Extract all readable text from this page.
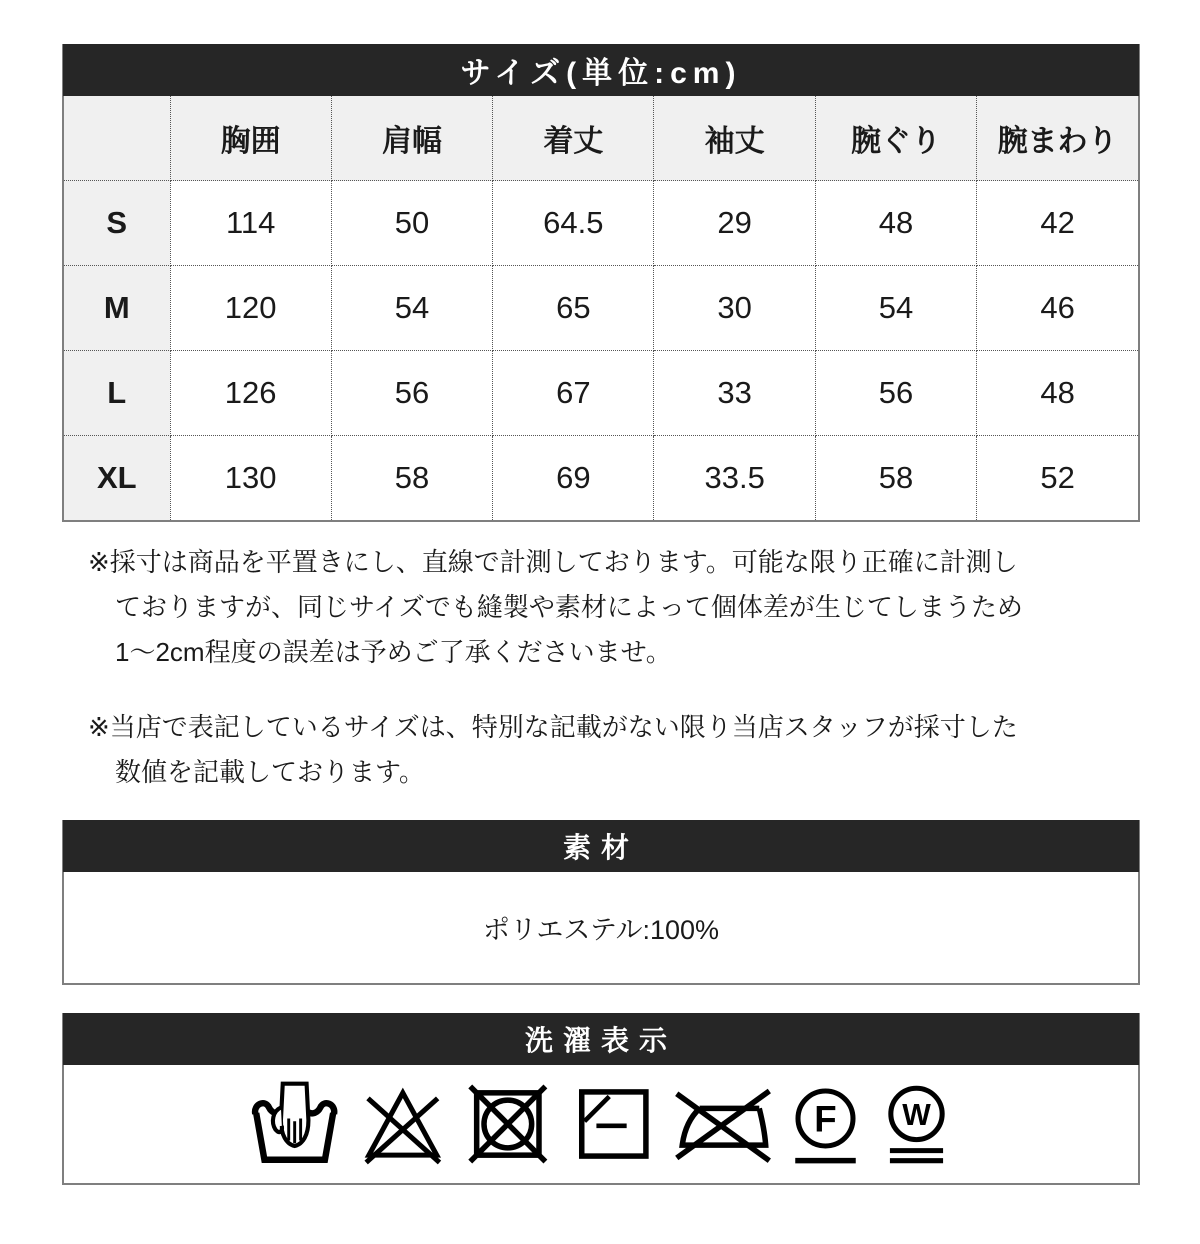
サイズ(単位:cm)
	胸囲	肩幅	着丈	袖丈	腕ぐり	腕まわり
S	114	50	64.5	29	48	42
M	120	54	65	30	54	46
L	126	56	67	33	56	48
XL	130	58	69	33.5	58	52
※採寸は商品を平置きにし、直線で計測しております。可能な限り正確に計測し
ておりますが、同じサイズでも縫製や素材によって個体差が生じてしまうため
1〜2cm程度の誤差は予めご了承くださいませ。
※当店で表記しているサイズは、特別な記載がない限り当店スタッフが採寸した
数値を記載しております。
素材
ポリエステル:100%
洗濯表示
F W
